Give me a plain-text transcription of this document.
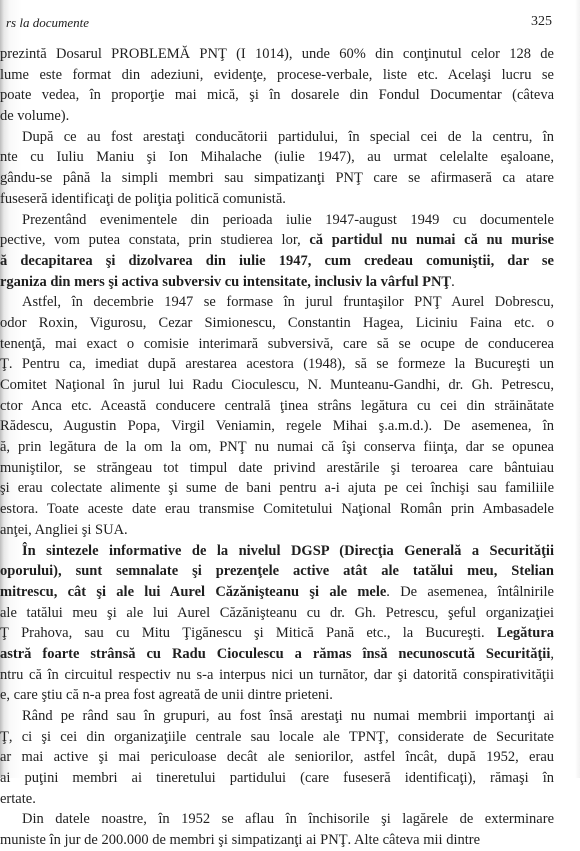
rs la documente	325

prezintă Dosarul PROBLEMĂ PNŢ (I 1014), unde 60% din conţinutul celor 128 de
lume este format din adeziuni, evidenţe, procese-verbale, liste etc. Acelaşi lucru se
poate vedea, în proporţie mai mică, şi în dosarele din Fondul Documentar (câteva
de volume).

După ce au fost arestaţi conducătorii partidului, în special cei de la centru, în
nte cu Iuliu Maniu şi Ion Mihalache (iulie 1947), au urmat celelalte eşaloane,
gându-se până la simpli membri sau simpatizanţi PNŢ care se afirmaseră ca atare
fuseseră identificaţi de poliţia politică comunistă.

Prezentând evenimentele din perioada iulie 1947-august 1949 cu documentele
pective, vom putea constata, prin studierea lor, că partidul nu numai că nu murise
ă decapitarea şi dizolvarea din iulie 1947, cum credeau comuniştii, dar se
rganiza din mers şi activa subversiv cu intensitate, inclusiv la vârful PNŢ.

Astfel, în decembrie 1947 se formase în jurul fruntaşilor PNŢ Aurel Dobrescu,
odor Roxin, Vigurosu, Cezar Simionescu, Constantin Hagea, Liciniu Faina etc. o
tenenţă, mai exact o comisie interimară subversivă, care să se ocupe de conducerea
Ţ. Pentru ca, imediat după arestarea acestora (1948), să se formeze la Bucureşti un
Comitet Naţional în jurul lui Radu Cioculescu, N. Munteanu-Gandhi, dr. Gh. Petrescu,
ctor Anca etc. Această conducere centrală ţinea strâns legătura cu cei din străinătate
Rădescu, Augustin Popa, Virgil Veniamin, regele Mihai ş.a.m.d.). De asemenea, în
ă, prin legătura de la om la om, PNŢ nu numai că îşi conserva fiinţa, dar se opunea
muniştilor, se străngeau tot timpul date privind arestările şi teroarea care bântuiau
şi erau colectate alimente şi sume de bani pentru a-i ajuta pe cei închişi sau familiile
estora. Toate aceste date erau transmise Comitetului Naţional Român prin Ambasadele
anţei, Angliei şi SUA.

În sintezele informative de la nivelul DGSP (Direcţia Generală a Securităţii
oporului), sunt semnalate şi prezenţele active atât ale tatălui meu, Stelian
mitrescu, cât şi ale lui Aurel Căzănişteanu şi ale mele. De asemenea, întâlnirile
ale tatălui meu şi ale lui Aurel Căzănişteanu cu dr. Gh. Petrescu, şeful organizaţiei
Ţ Prahova, sau cu Mitu Ţigănescu şi Mitică Pană etc., la Bucureşti. Legătura
astră foarte strânsă cu Radu Cioculescu a rămas însă necunoscută Securităţii,
ntru că în circuitul respectiv nu s-a interpus nici un turnător, dar şi datorită conspirativităţii
e, care ştiu că n-a prea fost agreată de unii dintre prieteni.

Rând pe rând sau în grupuri, au fost însă arestaţi nu numai membrii importanţi ai
Ţ, ci şi cei din organizaţiile centrale sau locale ale TPNŢ, considerate de Securitate
ar mai active şi mai periculoase decât ale seniorilor, astfel încât, după 1952, erau
ai puţini membri ai tineretului partidului (care fuseseră identificaţi), rămaşi în
ertate.

Din datele noastre, în 1952 se aflau în închisorile şi lagărele de exterminare
muniste în jur de 200.000 de membri şi simpatizanţi ai PNŢ. Alte câteva mii dintre
